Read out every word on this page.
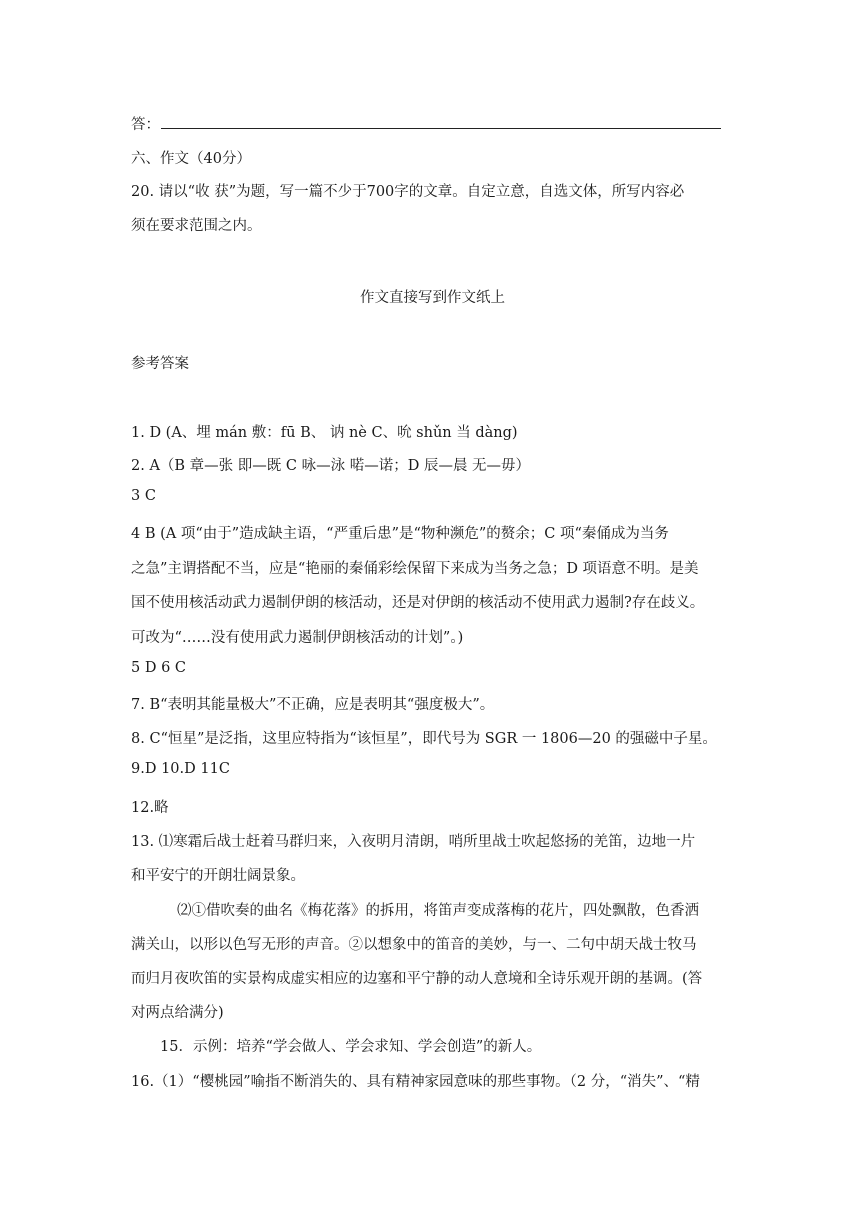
答：
六、作文（40分）
20. 请以“收 获”为题，写一篇不少于700字的文章。自定立意，自选文体，所写内容必
须在要求范围之内。
作文直接写到作文纸上
参考答案
1. D (A、埋 mán 敷：fū B、 讷 nè C、吮 shǔn 当 dàng)
2. A（B 章—张 即—既 C 咏—泳 喏—诺；D 辰—晨 无—毋）
3 C
4 B (A 项“由于”造成缺主语，“严重后患”是“物种濒危”的赘余；C 项“秦俑成为当务
之急”主谓搭配不当，应是“艳丽的秦俑彩绘保留下来成为当务之急；D 项语意不明。是美
国不使用核活动武力遏制伊朗的核活动，还是对伊朗的核活动不使用武力遏制?存在歧义。
可改为“……没有使用武力遏制伊朗核活动的计划”。)
5 D 6 C
7. B“表明其能量极大”不正确，应是表明其“强度极大”。
8. C“恒星”是泛指，这里应特指为“该恒星”，即代号为 SGR 一 1806—20 的强磁中子星。
9.D 10.D 11C
12.略
13. ⑴寒霜后战士赶着马群归来，入夜明月清朗，哨所里战士吹起悠扬的羌笛，边地一片
和平安宁的开朗壮阔景象。
⑵①借吹奏的曲名《梅花落》的拆用，将笛声变成落梅的花片，四处飘散，色香洒
满关山，以形以色写无形的声音。②以想象中的笛音的美妙，与一、二句中胡天战士牧马
而归月夜吹笛的实景构成虚实相应的边塞和平宁静的动人意境和全诗乐观开朗的基调。(答
对两点给满分)
15．示例：培养“学会做人、学会求知、学会创造”的新人。
16.（1）“樱桃园”喻指不断消失的、具有精神家园意味的那些事物。（2 分，“消失”、“精
